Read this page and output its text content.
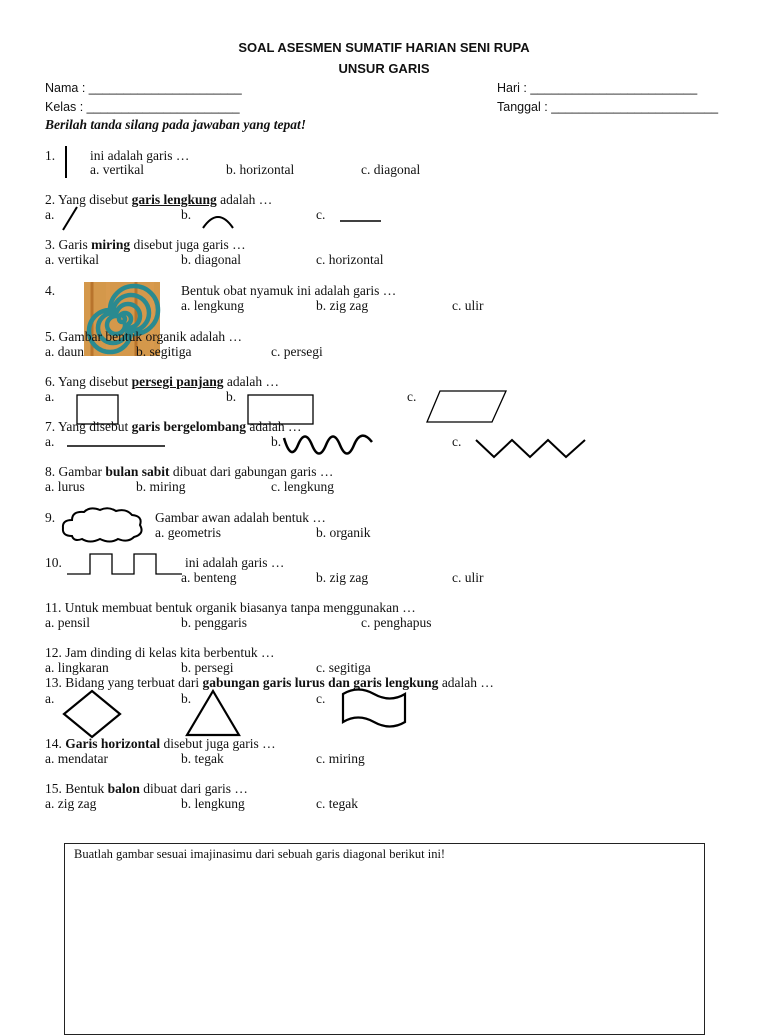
SOAL ASESMEN SUMATIF HARIAN SENI RUPA
UNSUR GARIS
Nama : ______________________
Kelas : ______________________
Hari : ________________________
Tanggal : ________________________
Berilah tanda silang pada jawaban yang tepat!
1.	ini adalah garis …
a. vertikal	b. horizontal	c. diagonal
2. Yang disebut garis lengkung adalah …
a.	b.	c.
3. Garis miring disebut juga garis …
a. vertikal	b. diagonal	c. horizontal
4.	Bentuk obat nyamuk ini adalah garis …
a. lengkung	b. zig zag	c. ulir
5. Gambar bentuk organik adalah …
a. daun	b. segitiga	c. persegi
6. Yang disebut persegi panjang adalah …
a.	b.	c.
7. Yang disebut garis bergelombang adalah …
a.	b.	c.
8. Gambar bulan sabit dibuat dari gabungan garis …
a. lurus	b. miring	c. lengkung
9.	Gambar awan adalah bentuk …
a. geometris	b. organik
10.	ini adalah garis …
a. benteng	b. zig zag	c. ulir
11. Untuk membuat bentuk organik biasanya tanpa menggunakan …
a. pensil	b. penggaris	c. penghapus
12. Jam dinding di kelas kita berbentuk …
a. lingkaran	b. persegi	c. segitiga
13. Bidang yang terbuat dari gabungan garis lurus dan garis lengkung adalah …
a.	b.	c.
14. Garis horizontal disebut juga garis …
a. mendatar	b. tegak	c. miring
15. Bentuk balon dibuat dari garis …
a. zig zag	b. lengkung	c. tegak
Buatlah gambar sesuai imajinasimu dari sebuah garis diagonal berikut ini!
